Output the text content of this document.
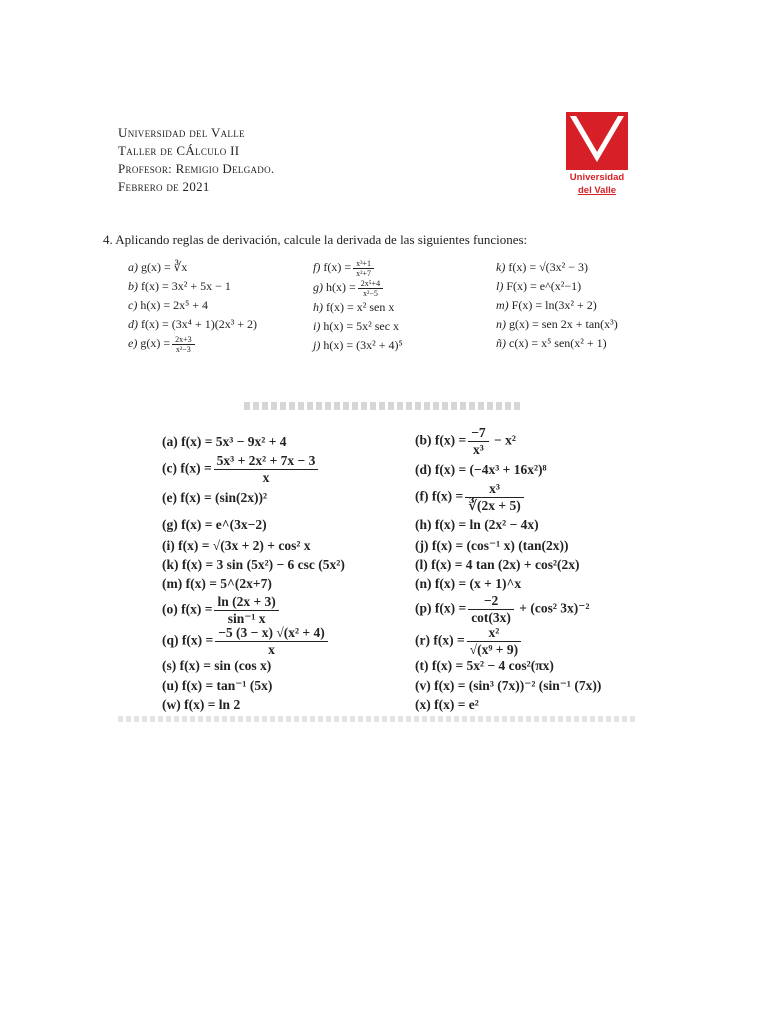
Universidad del Valle
Taller de CÁlculo II
Profesor: Remigio Delgado.
Febrero de 2021
Universidad
del Valle
4. Aplicando reglas de derivación, calcule la derivada de las siguientes funciones:
a) g(x) = ∛x
b) f(x) = 3x² + 5x − 1
c) h(x) = 2x⁵ + 4
d) f(x) = (3x⁴ + 1)(2x³ + 2)
e) $g(x) = \frac{2x+3}{\text{x²−3}}$
f) $f(x) = \frac{\text{x³+1}}{\text{x²+7}}$
g) $h(x) = \frac{\text{2x⁵+4}}{\text{x²−5}}$
h) f(x) = x² sen x
i) h(x) = 5x² sec x
j) h(x) = (3x² + 4)⁵
k) f(x) = √(3x² − 3)
l) F(x) = e^(x²−1)
m) F(x) = ln(3x² + 2)
n) g(x) = sen 2x + tan(x³)
ñ) c(x) = x⁵ sen(x² + 1)
(a) f(x) = 5x³ − 9x² + 4
(c) $f(x) = \frac{\text{5x³ + 2x² + 7x − 3}}{x}$
(e) f(x) = (sin(2x))²
(g) f(x) = e^(3x−2)
(i) f(x) = √(3x + 2) + cos² x
(k) f(x) = 3 sin (5x²) − 6 csc (5x²)
(m) f(x) = 5^(2x+7)
(o) $f(x) = \frac{\ln (2x + 3)}{\text{sin⁻¹ x}}$
(q) $f(x) = \frac{\text{−5 (3 − x) √(x² + 4)}}{x}$
(s) f(x) = sin (cos x)
(u) f(x) = tan⁻¹ (5x)
(w) f(x) = ln 2
(b) $f(x) = \frac{-7}{\text{x³}} - x^2$
(d) f(x) = (−4x³ + 16x²)⁸
(f) $f(x) = \frac{\text{x³}}{∛(2x + 5)}$
(h) f(x) = ln (2x² − 4x)
(j) f(x) = (cos⁻¹ x) (tan(2x))
(l) f(x) = 4 tan (2x) + cos²(2x)
(n) f(x) = (x + 1)^x
(p) $f(x) = \frac{-2}{\cot(3x)} + (\cos^2$ 3x)⁻²
(r) $f(x) = \frac{\text{x²}}{\text{√(x⁹ + 9)}}$
(t) f(x) = 5x² − 4 cos²(πx)
(v) f(x) = (sin³ (7x))⁻² (sin⁻¹ (7x))
(x) f(x) = e²
